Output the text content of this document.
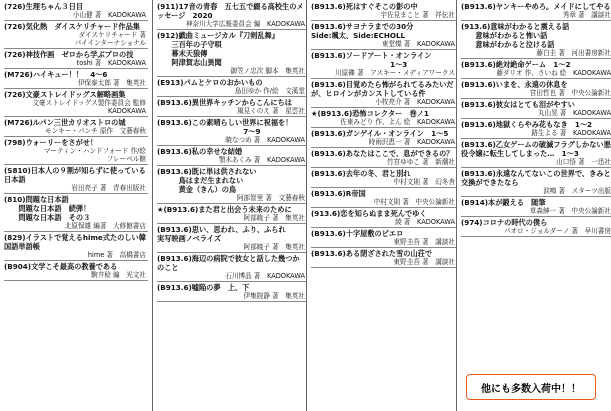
(726)生理ちゃん３日目
小山健 著　KADOKAWA
(726)気化熱　ダイスケリチャード作品集
ダイスケリチャード 著
パイインターナショナル
(726)神技作画　ゼロから学ぶプロの技
toshi 著　KADOKAWA
(M726)ハイキュー！！　4～6
伊保泰太郎 著　集英社
(726)文豪ストレイドッグス解略画集
文豪ストレイドッグス製作委員会 監修
KADOKAWA
(M726)ルパン三世カリオストロの城
モンキー・パンチ 原作　文藝春秋
(798)ウォーリーをさがせ！
マーティン・ハンドフォード 作/絵
フレーベル館
(S810)日本人の９割が知らずに使っている日本語
岩田亮子 著　青春出版社
(810)問題な日本語
　　問題な日本語　続弾！
　　問題な日本語　その３
北原保雄 編著　大修館書店
(829)イラストで覚えるhime式たのしい韓国語単語帳
hime 著　高橋書店
(B904)文学こそ最高の教養である
駒井稔 編　光文社
(911)17音の青春　五七五で綴る高校生のメッセージ　2020
神奈川大学広報委員会 編　KADOKAWA
(912)戯曲ミュージカル『刀剣乱舞』
　　三百年の子守唄
　　幕末天狼傳
　　阿津賀志山異聞
御笠ノ忠次 脚本　集英社
(E913)パムとケロのおかいもの
島田ゆか 作/絵　文溪堂
(B913.6)異世界キッチンからこんにちは
風見くのえ 著　星雲社
(B913.6)この素晴らしい世界に祝福を！
　　　　　　　　　　　　7～9
暁なつめ 著　KADOKAWA
(B913.6)私の幸せな結婚
顎木あくみ 著　KADOKAWA
(B913.6)既に単は供されない
　　　鳥はまだ生まれない
　　　黄金（きん）の鳥
阿部智里 著　文藝春秋
★(B913.6)また君と出会う未来のために
阿部暁子 著　集英社
(B913.6)思い、思われ、ふり、ふられ
実写映画ノベライズ
阿部暁子 著　集英社
(B913.6)海辺の病院で彼女と話した幾つかのこと
石川博品 著　KADOKAWA
(B913.6)嘘陥の夢　上、下
伊集院静 著　集英社
(B913.6)死はすぐそこの影の中
宇佐見まこと 著　祥伝社
(B913.6)サヨナラまでの30分
Side:颯太、Side:ECHOLL
東堂燦 著　KADOKAWA
(B913.6)ソードアート・オンライン
　　　　　　　　　　　1～3
川原礫 著　アスキー・メディアワークス
(B913.6)目覚めたら怖がられてるみたいだが、ヒロインがカンストしている件
小牧亮介 著　KADOKAWA
★(B913.6)恐怖コレクター　巻ノ1
佐東みどり 作、よん 絵　KADOKAWA
(B913.6)ガンゲイル・オンライン　1～5
時雨沢恵一 著　KADOKAWA
(B913.6)あなたはここで、息ができるの？
竹宮ゆゆこ 著　新潮社
(B913.6)去年の冬、君と別れ
中村文則 著　幻冬舎
(B913.6)R帝国
中村文則 著　中央公論新社
(913.6)恋を知らぬまま死んでゆく
綾 著　KADOKAWA
(B913.6)十字屋敷のピエロ
東野圭吾 著　講談社
(B913.6)ある閉ざされた雪の山荘で
東野圭吾 著　講談社
(B913.6)ヤンキーやめろ。メイドにしてやる
秀章 著　講談社
(913.6)意味がわかると震える話
　　意味がわかると怖い話
　　意味がわかると泣ける話
藤白圭 著　河出書房新社
(B913.6)絶対絶命ゲーム　1～2
藤ダリオ 作、さいね 絵　KADOKAWA
(B913.6)いまを、永遠の休息を
宮田哲也 著　中央公論新社
(B913.6)彼女はとても泪がやすい
丸山晃 著　KADOKAWA
(B913.6)地獄くらやみ花もなき　1～2
路生よる 著　KADOKAWA
(B913.6)乙女ゲームの破滅フラグしかない悪役令嬢に転生してしまった…　1～3
山口悟 著　一迅社
(B913.6)永遠なんてないこの世界で、きみと交換ができたなら
涙鳴 著　スターツ出版
(B914)本が鍛える　随筆
草森紳一 著　中央公論新社
(974)コロナの時代の僕ら
パオロ・ジョルダーノ 著　早川書房
他にも多数入荷中！！
